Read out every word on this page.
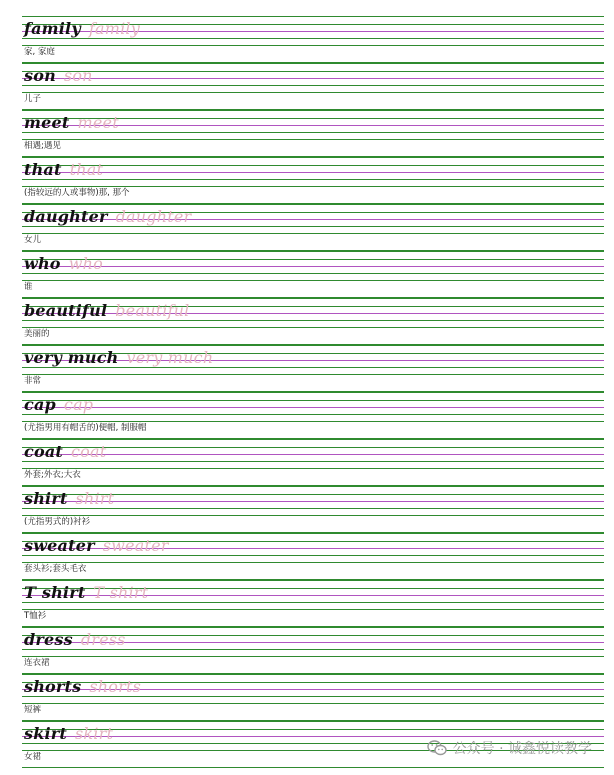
family family
家, 家庭
son son
儿子
meet meet
相遇;遇见
that that
(指较远的人或事物)那, 那个
daughter daughter
女儿
who who
谁
beautiful beautiful
美丽的
very much very much
非常
cap cap
(尤指男用有帽舌的)便帽, 制服帽
coat coat
外套;外衣;大衣
shirt shirt
(尤指男式的)衬衫
sweater sweater
套头衫;套头毛衣
T shirt T shirt
T恤衫
dress dress
连衣裙
shorts shorts
短裤
skirt skirt
女裙	公众号 · 诚鑫悦读教学
